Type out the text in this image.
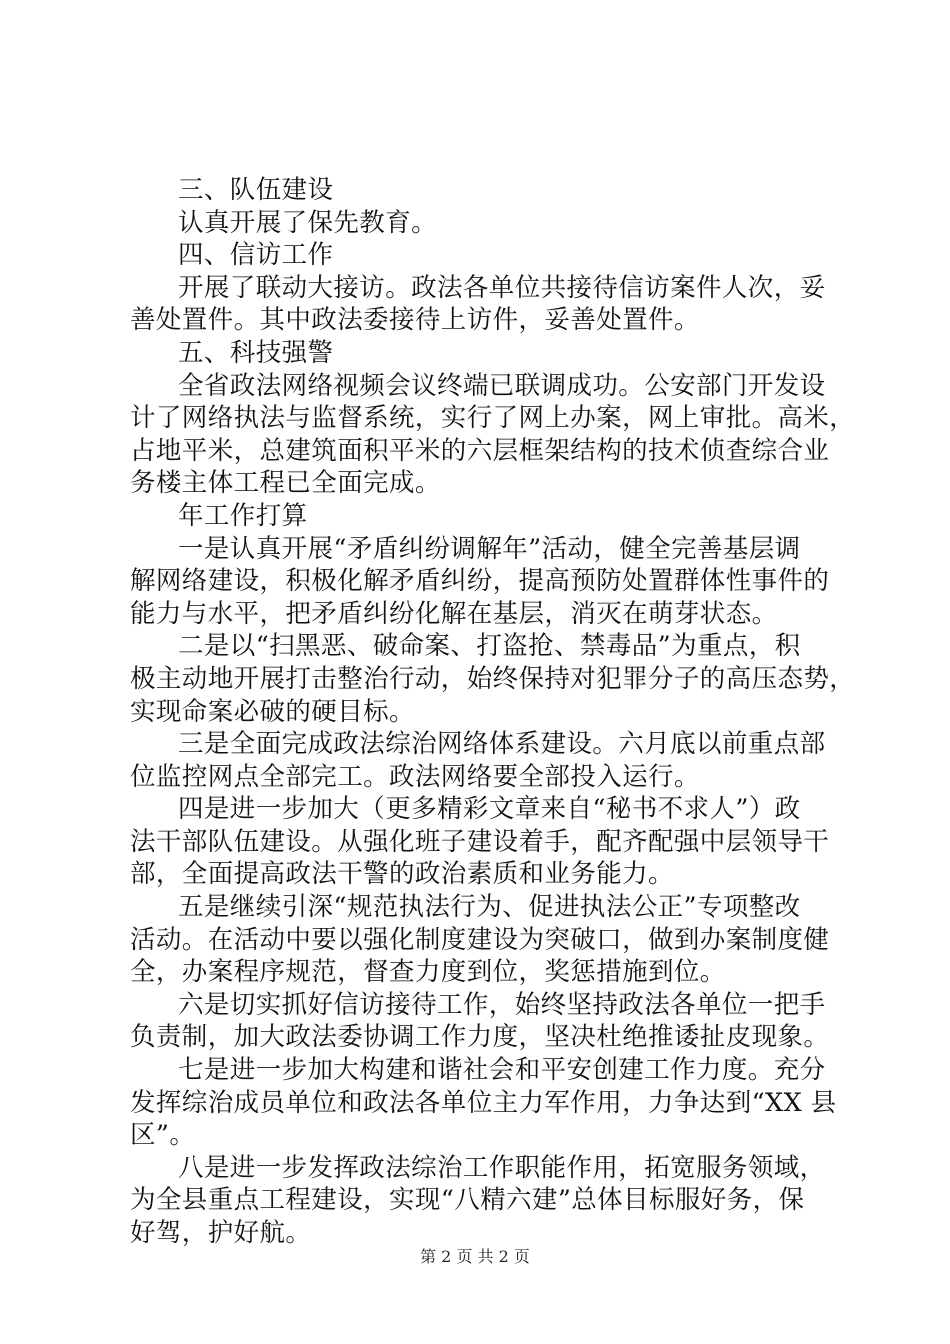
三、队伍建设
认真开展了保先教育。
四、信访工作
开展了联动大接访。政法各单位共接待信访案件人次，妥
善处置件。其中政法委接待上访件，妥善处置件。
五、科技强警
全省政法网络视频会议终端已联调成功。公安部门开发设
计了网络执法与监督系统，实行了网上办案，网上审批。高米，
占地平米，总建筑面积平米的六层框架结构的技术侦查综合业
务楼主体工程已全面完成。
年工作打算
一是认真开展“矛盾纠纷调解年”活动，健全完善基层调
解网络建设，积极化解矛盾纠纷，提高预防处置群体性事件的
能力与水平，把矛盾纠纷化解在基层，消灭在萌芽状态。
二是以“扫黑恶、破命案、打盗抢、禁毒品”为重点，积
极主动地开展打击整治行动，始终保持对犯罪分子的高压态势，
实现命案必破的硬目标。
三是全面完成政法综治网络体系建设。六月底以前重点部
位监控网点全部完工。政法网络要全部投入运行。
四是进一步加大（更多精彩文章来自“秘书不求人”）政
法干部队伍建设。从强化班子建设着手，配齐配强中层领导干
部，全面提高政法干警的政治素质和业务能力。
五是继续引深“规范执法行为、促进执法公正”专项整改
活动。在活动中要以强化制度建设为突破口，做到办案制度健
全，办案程序规范，督查力度到位，奖惩措施到位。
六是切实抓好信访接待工作，始终坚持政法各单位一把手
负责制，加大政法委协调工作力度，坚决杜绝推诿扯皮现象。
七是进一步加大构建和谐社会和平安创建工作力度。充分
发挥综治成员单位和政法各单位主力军作用，力争达到“XX 县
区”。
八是进一步发挥政法综治工作职能作用，拓宽服务领域，
为全县重点工程建设，实现“八精六建”总体目标服好务，保
好驾，护好航。
第 2 页 共 2 页
